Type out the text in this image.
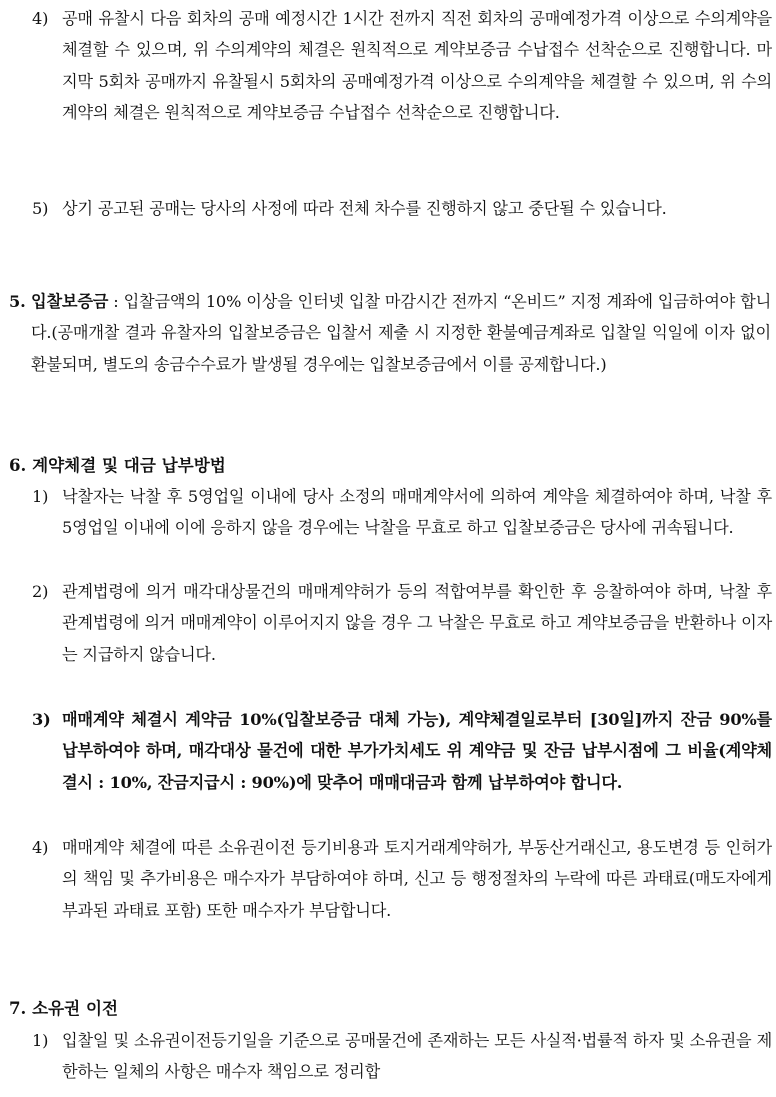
4) 공매 유찰시 다음 회차의 공매 예정시간 1시간 전까지 직전 회차의 공매예정가격 이상으로 수의계약을 체결할 수 있으며, 위 수의계약의 체결은 원칙적으로 계약보증금 수납접수 선착순으로 진행합니다. 마지막 5회차 공매까지 유찰될시 5회차의 공매예정가격 이상으로 수의계약을 체결할 수 있으며, 위 수의계약의 체결은 원칙적으로 계약보증금 수납접수 선착순으로 진행합니다.
5) 상기 공고된 공매는 당사의 사정에 따라 전체 차수를 진행하지 않고 중단될 수 있습니다.
5. 입찰보증금 : 입찰금액의 10% 이상을 인터넷 입찰 마감시간 전까지 “온비드” 지정 계좌에 입금하여야 합니다.(공매개찰 결과 유찰자의 입찰보증금은 입찰서 제출 시 지정한 환불예금계좌로 입찰일 익일에 이자 없이 환불되며, 별도의 송금수수료가 발생될 경우에는 입찰보증금에서 이를 공제합니다.)
6. 계약체결 및 대금 납부방법
1) 낙찰자는 낙찰 후 5영업일 이내에 당사 소정의 매매계약서에 의하여 계약을 체결하여야 하며, 낙찰 후 5영업일 이내에 이에 응하지 않을 경우에는 낙찰을 무효로 하고 입찰보증금은 당사에 귀속됩니다.
2) 관계법령에 의거 매각대상물건의 매매계약허가 등의 적합여부를 확인한 후 응찰하여야 하며, 낙찰 후 관계법령에 의거 매매계약이 이루어지지 않을 경우 그 낙찰은 무효로 하고 계약보증금을 반환하나 이자는 지급하지 않습니다.
3) 매매계약 체결시 계약금 10%(입찰보증금 대체 가능), 계약체결일로부터 [30일]까지 잔금 90%를 납부하여야 하며, 매각대상 물건에 대한 부가가치세도 위 계약금 및 잔금 납부시점에 그 비율(계약체결시 : 10%, 잔금지급시 : 90%)에 맞추어 매매대금과 함께 납부하여야 합니다.
4) 매매계약 체결에 따른 소유권이전 등기비용과 토지거래계약허가, 부동산거래신고, 용도변경 등 인허가의 책임 및 추가비용은 매수자가 부담하여야 하며, 신고 등 행정절차의 누락에 따른 과태료(매도자에게 부과된 과태료 포함) 또한 매수자가 부담합니다.
7. 소유권 이전
1) 입찰일 및 소유권이전등기일을 기준으로 공매물건에 존재하는 모든 사실적·법률적 하자 및 소유권을 제한하는 일체의 사항은 매수자 책임으로 정리합
